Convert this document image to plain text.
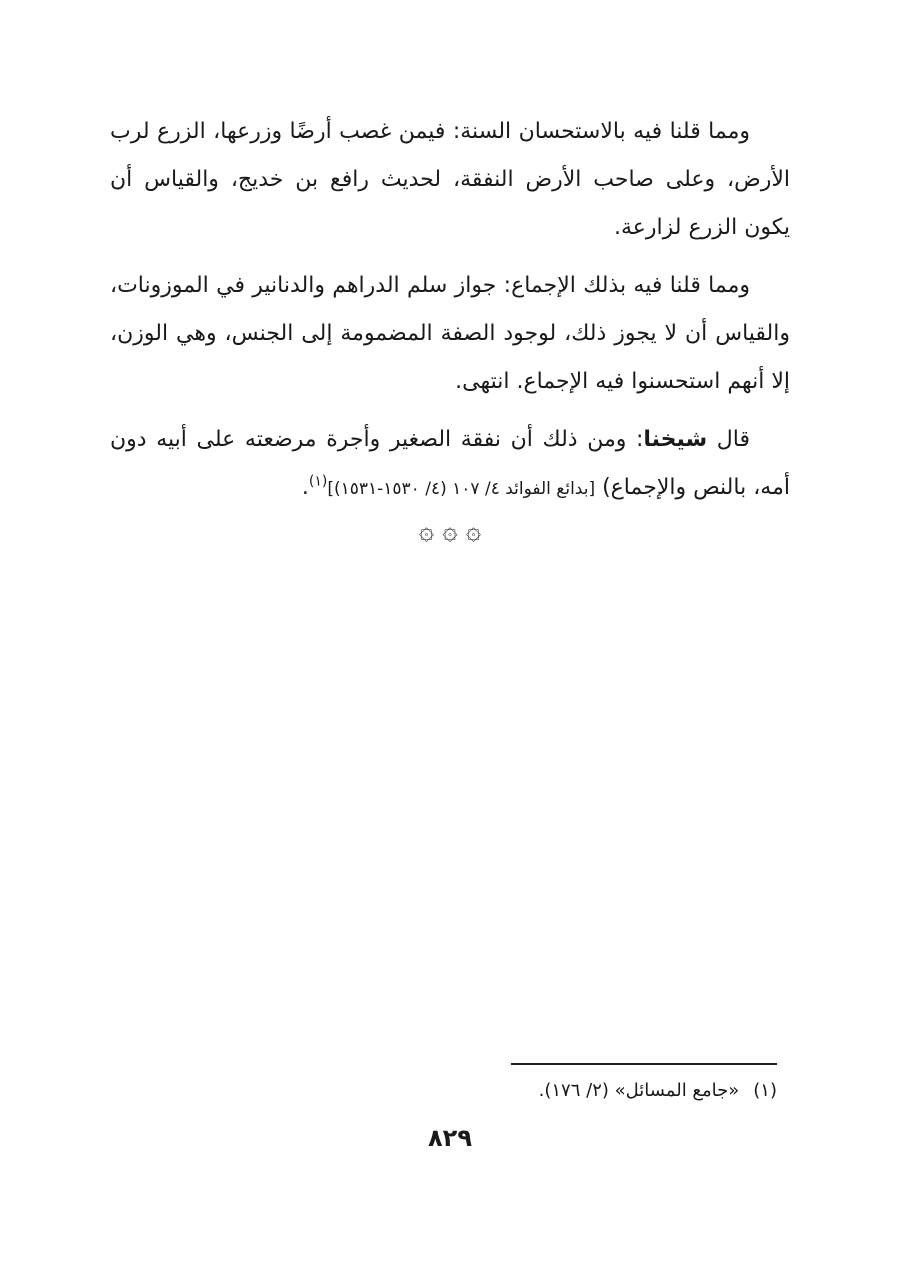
ومما قلنا فيه بالاستحسان السنة: فيمن غصب أرضًا وزرعها، الزرع لرب الأرض، وعلى صاحب الأرض النفقة، لحديث رافع بن خديج، والقياس أن يكون الزرع لزارعة.

ومما قلنا فيه بذلك الإجماع: جواز سلم الدراهم والدنانير في الموزونات، والقياس أن لا يجوز ذلك، لوجود الصفة المضمومة إلى الجنس، وهي الوزن، إلا أنهم استحسنوا فيه الإجماع. انتهى.

قال شيخنا: ومن ذلك أن نفقة الصغير وأجرة مرضعته على أبيه دون أمه، بالنص والإجماع) [بدائع الفوائد ٤/ ١٠٧ (٤/ ١٥٣٠-١٥٣١)]$^{(١)}$.

۞ ۞ ۞
(١)«جامع المسائل» (٢/ ١٧٦).
٨٢٩
